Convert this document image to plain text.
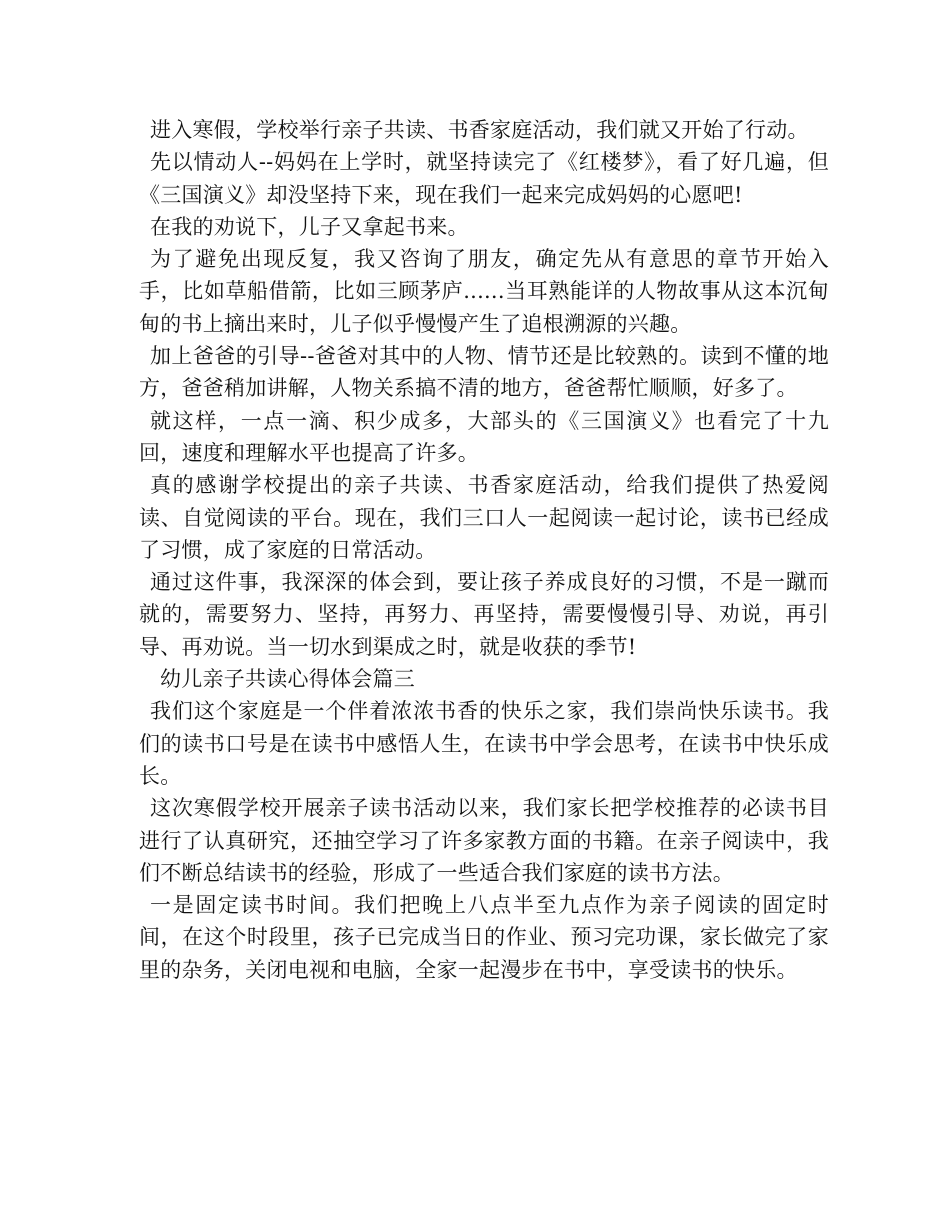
进入寒假，学校举行亲子共读、书香家庭活动，我们就又开始了行动。

先以情动人--妈妈在上学时，就坚持读完了《红楼梦》，看了好几遍，但《三国演义》却没坚持下来，现在我们一起来完成妈妈的心愿吧!

在我的劝说下，儿子又拿起书来。

为了避免出现反复，我又咨询了朋友，确定先从有意思的章节开始入手，比如草船借箭，比如三顾茅庐......当耳熟能详的人物故事从这本沉甸甸的书上摘出来时，儿子似乎慢慢产生了追根溯源的兴趣。

加上爸爸的引导--爸爸对其中的人物、情节还是比较熟的。读到不懂的地方，爸爸稍加讲解，人物关系搞不清的地方，爸爸帮忙顺顺，好多了。

就这样，一点一滴、积少成多，大部头的《三国演义》也看完了十九回，速度和理解水平也提高了许多。

真的感谢学校提出的亲子共读、书香家庭活动，给我们提供了热爱阅读、自觉阅读的平台。现在，我们三口人一起阅读一起讨论，读书已经成了习惯，成了家庭的日常活动。

通过这件事，我深深的体会到，要让孩子养成良好的习惯，不是一蹴而就的，需要努力、坚持，再努力、再坚持，需要慢慢引导、劝说，再引导、再劝说。当一切水到渠成之时，就是收获的季节!

幼儿亲子共读心得体会篇三

我们这个家庭是一个伴着浓浓书香的快乐之家，我们崇尚快乐读书。我们的读书口号是在读书中感悟人生，在读书中学会思考，在读书中快乐成长。

这次寒假学校开展亲子读书活动以来，我们家长把学校推荐的必读书目进行了认真研究，还抽空学习了许多家教方面的书籍。在亲子阅读中，我们不断总结读书的经验，形成了一些适合我们家庭的读书方法。

一是固定读书时间。我们把晚上八点半至九点作为亲子阅读的固定时间，在这个时段里，孩子已完成当日的作业、预习完功课，家长做完了家里的杂务，关闭电视和电脑，全家一起漫步在书中，享受读书的快乐。
